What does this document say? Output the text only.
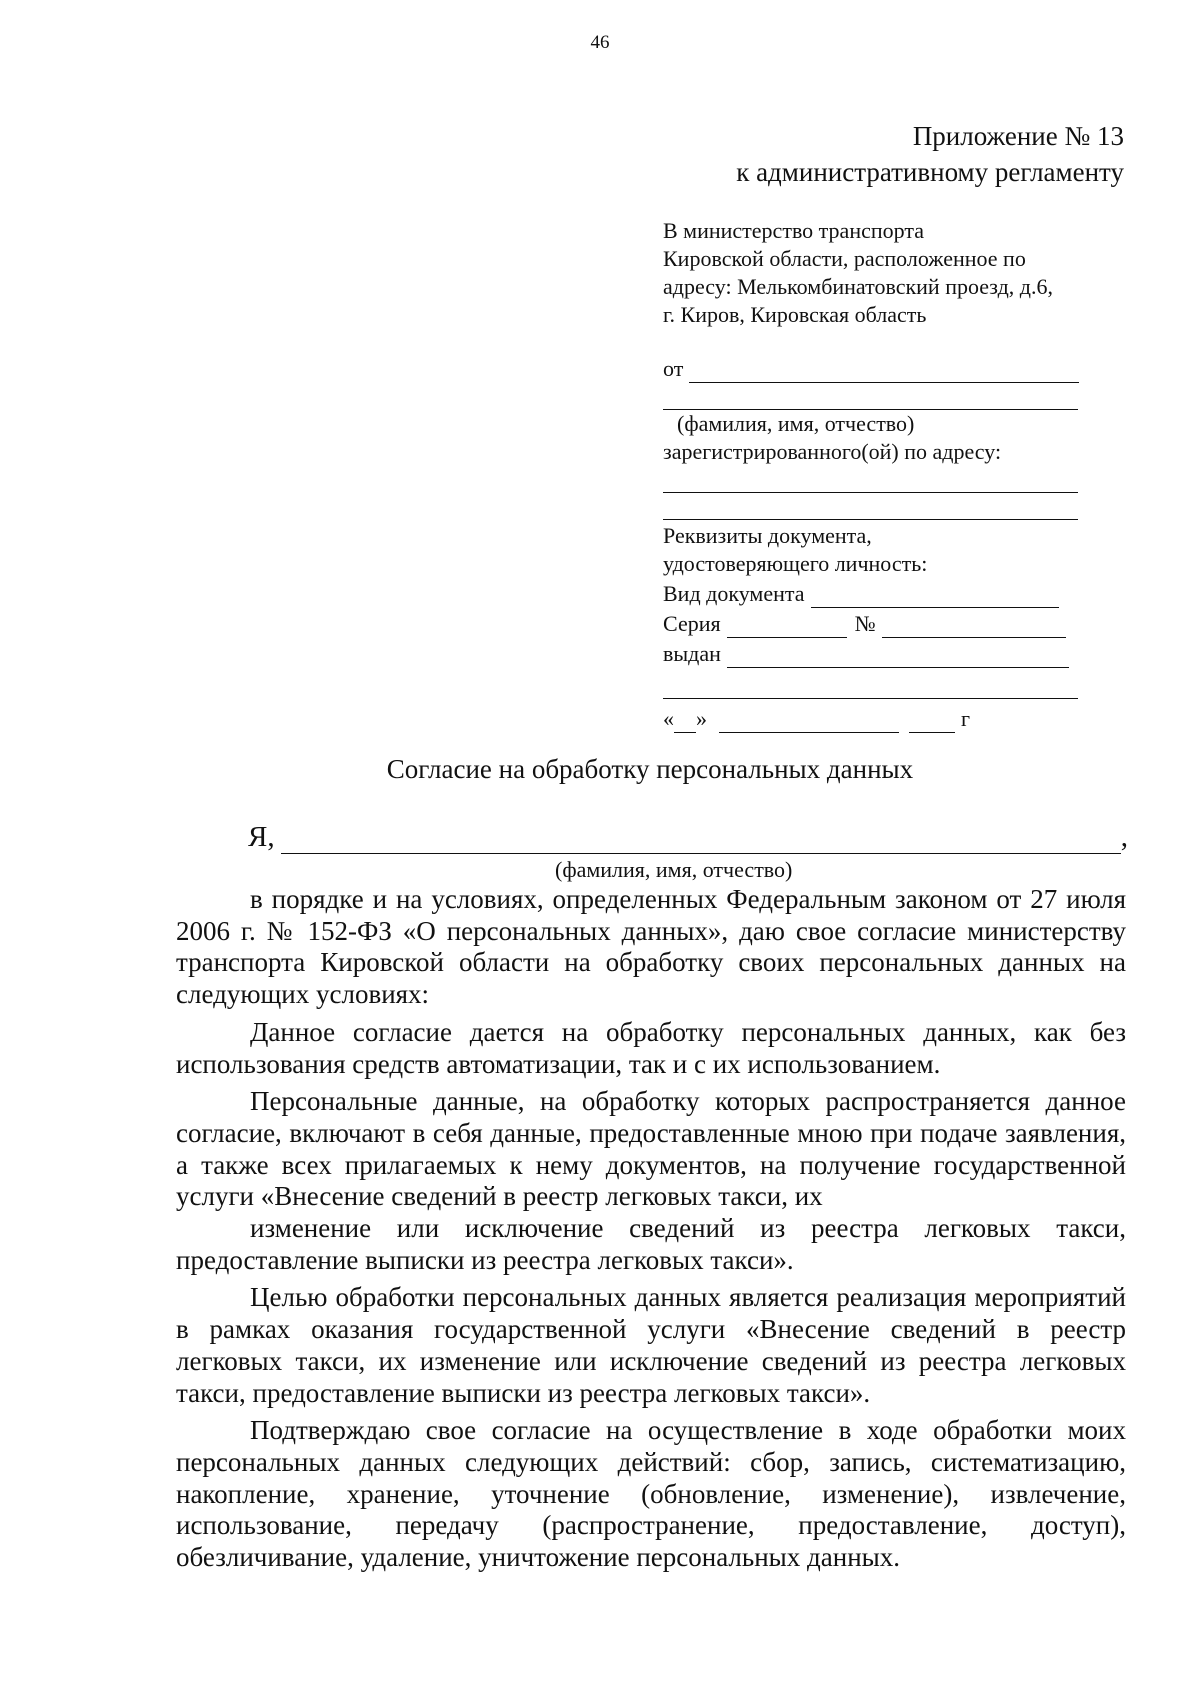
46
Приложение № 13
к административному регламенту
В министерство транспорта
Кировской области, расположенное по
адресу: Мелькомбинатовский проезд, д.6,
г. Киров, Кировская область
от
(фамилия, имя, отчество)
зарегистрированного(ой) по адресу:
Реквизиты документа,
удостоверяющего личность:
Вид документа
Серия	№
выдан
« »	г
Согласие на обработку персональных данных
Я,	,
(фамилия, имя, отчество)

в порядке и на условиях, определенных Федеральным законом от 27 июля 2006 г. № 152-ФЗ «О персональных данных», даю свое согласие министерству транспорта Кировской области на обработку своих персональных данных на следующих условиях:

Данное согласие дается на обработку персональных данных, как без использования средств автоматизации, так и с их использованием.

Персональные данные, на обработку которых распространяется данное согласие, включают в себя данные, предоставленные мною при подаче заявления, а также всех прилагаемых к нему документов, на получение государственной услуги «Внесение сведений в реестр легковых такси, их

изменение или исключение сведений из реестра легковых такси, предоставление выписки из реестра легковых такси».

Целью обработки персональных данных является реализация мероприятий в рамках оказания государственной услуги «Внесение сведений в реестр легковых такси, их изменение или исключение сведений из реестра легковых такси, предоставление выписки из реестра легковых такси».

Подтверждаю свое согласие на осуществление в ходе обработки моих персональных данных следующих действий: сбор, запись, систематизацию, накопление, хранение, уточнение (обновление, изменение), извлечение, использование, передачу (распространение, предоставление, доступ), обезличивание, удаление, уничтожение персональных данных.
